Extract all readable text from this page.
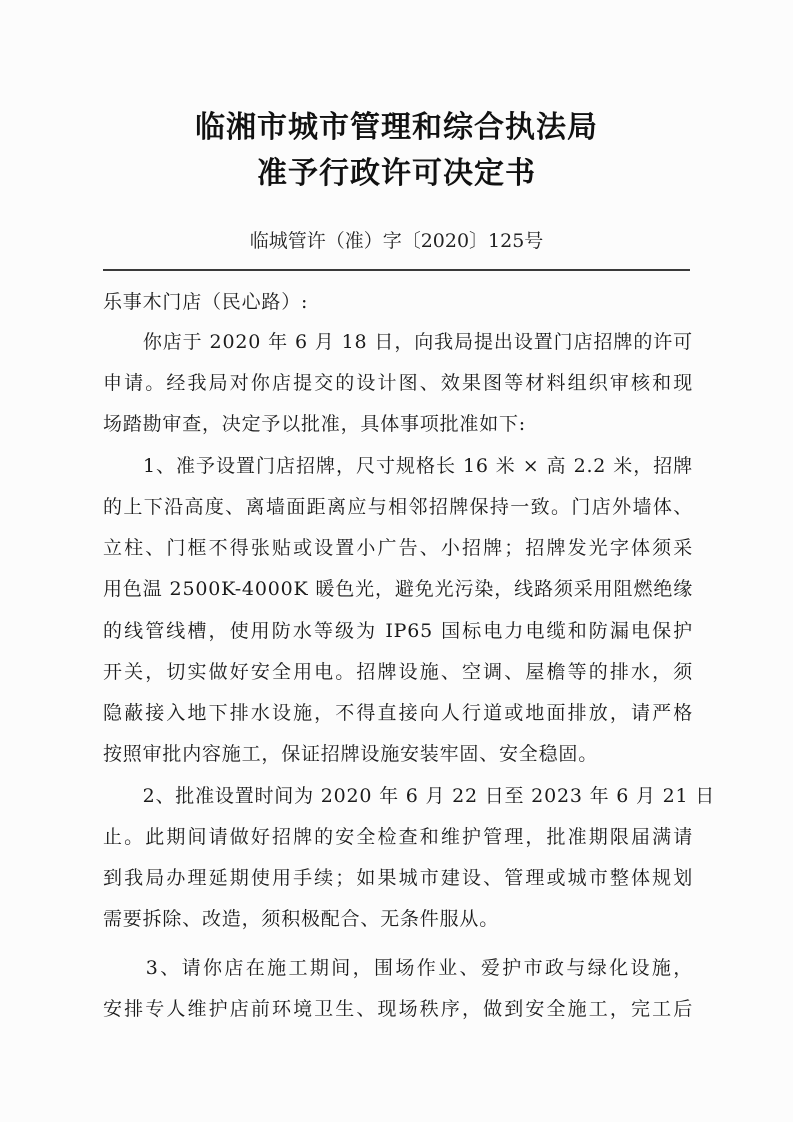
临湘市城市管理和综合执法局
准予行政许可决定书
临城管许（准）字〔2020〕125号
乐事木门店（民心路）:
　　你店于 2020 年 6 月 18 日，向我局提出设置门店招牌的许可
申请。经我局对你店提交的设计图、效果图等材料组织审核和现
场踏勘审查，决定予以批准，具体事项批准如下:
　　1、准予设置门店招牌，尺寸规格长 16 米 × 高 2.2 米，招牌
的上下沿高度、离墙面距离应与相邻招牌保持一致。门店外墙体、
立柱、门框不得张贴或设置小广告、小招牌；招牌发光字体须采
用色温 2500K-4000K 暖色光，避免光污染，线路须采用阻燃绝缘
的线管线槽，使用防水等级为 IP65 国标电力电缆和防漏电保护
开关，切实做好安全用电。招牌设施、空调、屋檐等的排水，须
隐蔽接入地下排水设施，不得直接向人行道或地面排放，请严格
按照审批内容施工，保证招牌设施安装牢固、安全稳固。
　　2、批准设置时间为 2020 年 6 月 22 日至 2023 年 6 月 21 日
止。此期间请做好招牌的安全检查和维护管理，批准期限届满请
到我局办理延期使用手续；如果城市建设、管理或城市整体规划
需要拆除、改造，须积极配合、无条件服从。
　　3、请你店在施工期间，围场作业、爱护市政与绿化设施，
安排专人维护店前环境卫生、现场秩序，做到安全施工，完工后
